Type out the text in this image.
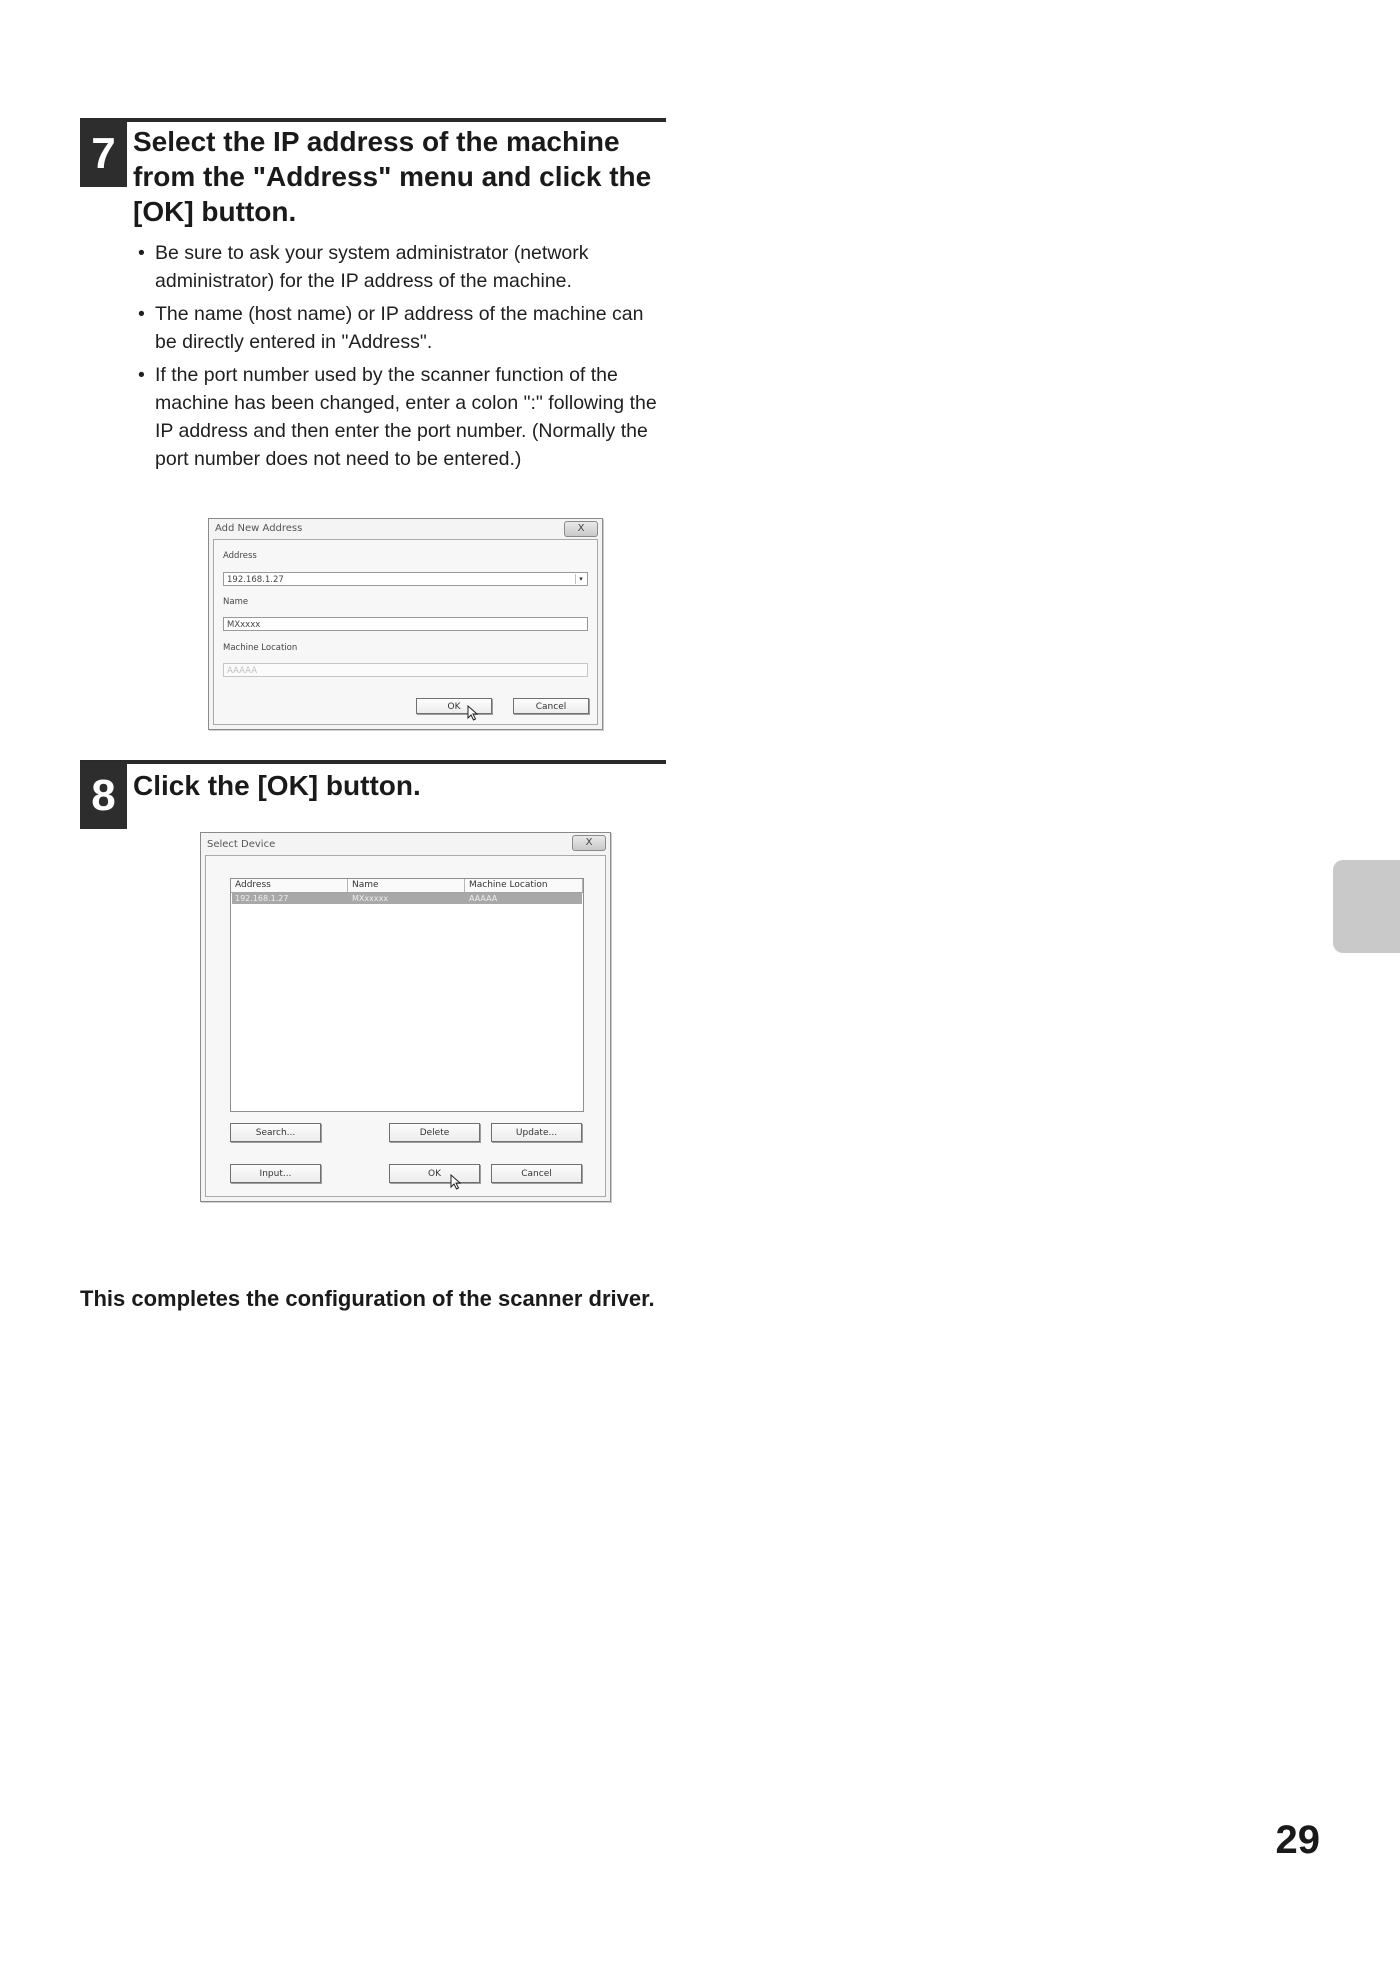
7 Select the IP address of the machine from the "Address" menu and click the [OK] button.
• Be sure to ask your system administrator (network administrator) for the IP address of the machine.
• The name (host name) or IP address of the machine can be directly entered in "Address".
• If the port number used by the scanner function of the machine has been changed, enter a colon ":" following the IP address and then enter the port number. (Normally the port number does not need to be entered.)
Add New Address	X
Address
192.168.1.27	▾
Name
MXxxxx
Machine Location
AAAAA
OK	Cancel
8 Click the [OK] button.
Select Device	X
Address	Name	Machine Location
192.168.1.27	MXxxxxx	AAAAA
Search...	Delete	Update...
Input...	OK	Cancel

This completes the configuration of the scanner driver.

29
